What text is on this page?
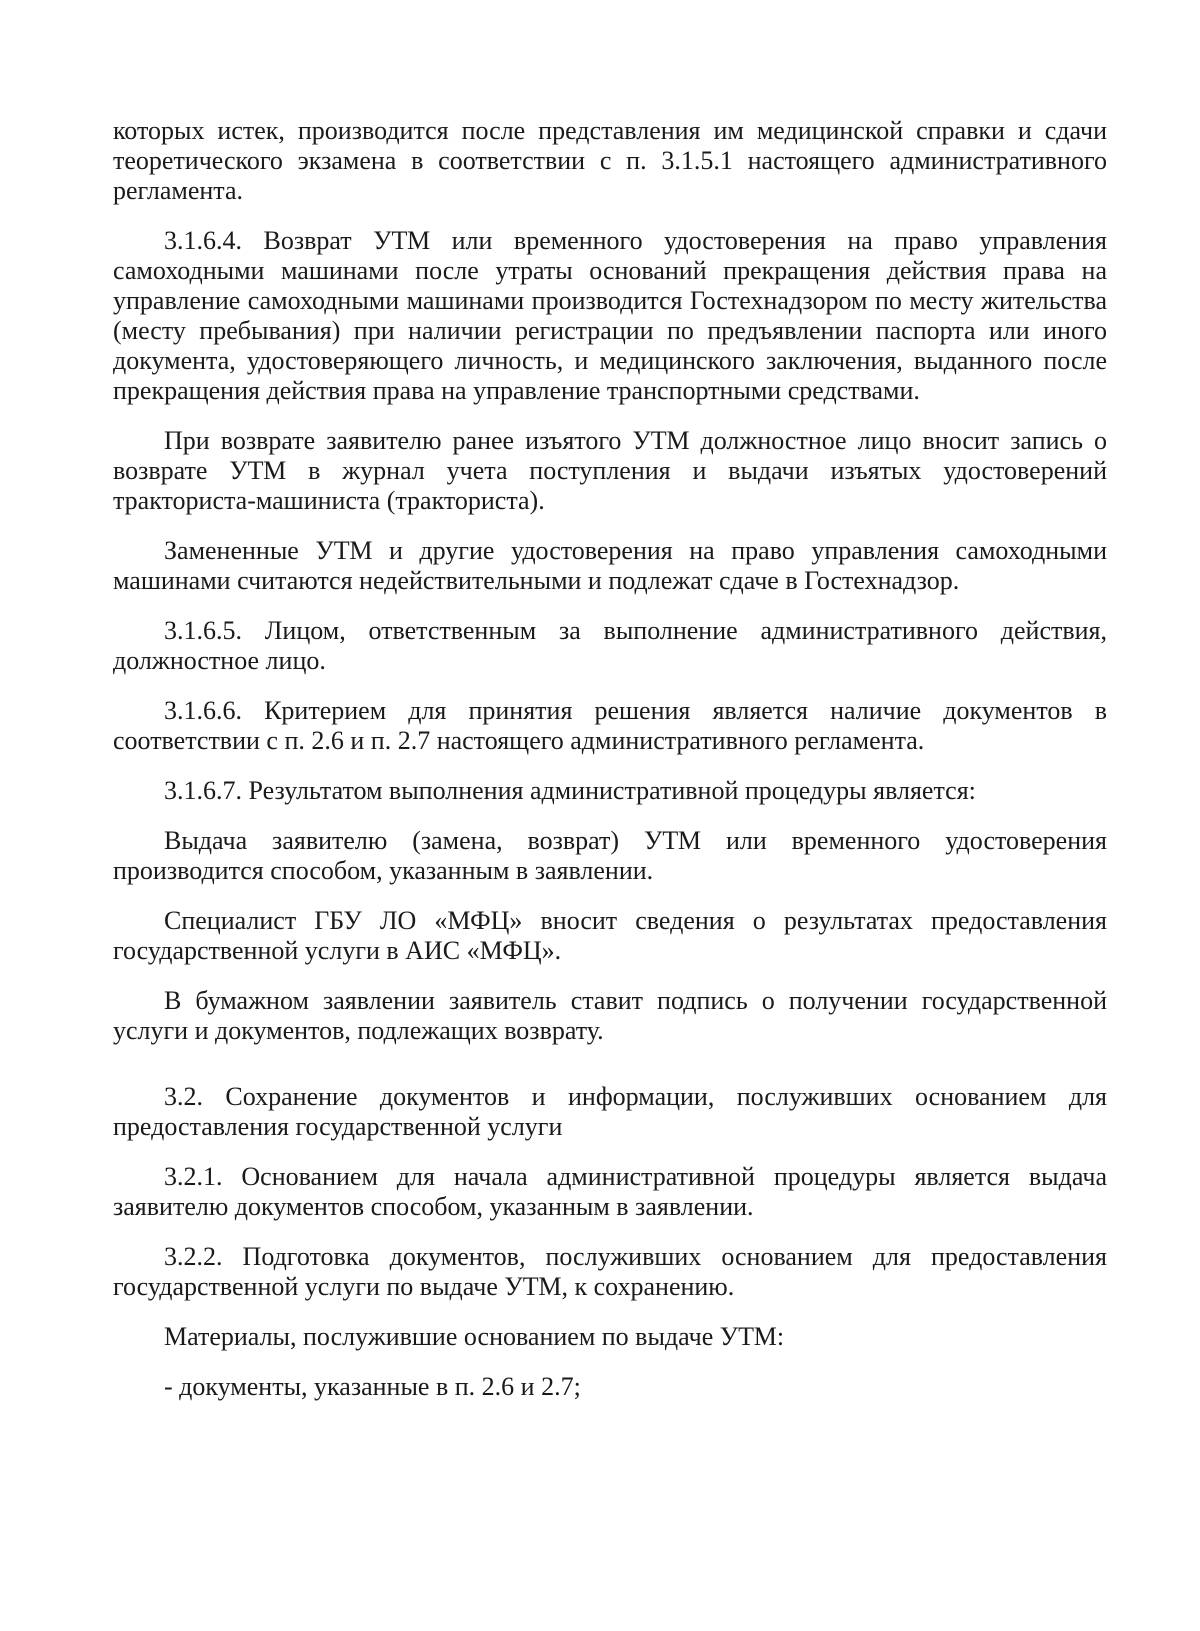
которых истек, производится после представления им медицинской справки и сдачи теоретического экзамена в соответствии с п. 3.1.5.1 настоящего административного регламента.

3.1.6.4. Возврат УТМ или временного удостоверения на право управления самоходными машинами после утраты оснований прекращения действия права на управление самоходными машинами производится Гостехнадзором по месту жительства (месту пребывания) при наличии регистрации по предъявлении паспорта или иного документа, удостоверяющего личность, и медицинского заключения, выданного после прекращения действия права на управление транспортными средствами.

При возврате заявителю ранее изъятого УТМ должностное лицо вносит запись о возврате УТМ в журнал учета поступления и выдачи изъятых удостоверений тракториста-машиниста (тракториста).

Замененные УТМ и другие удостоверения на право управления самоходными машинами считаются недействительными и подлежат сдаче в Гостехнадзор.

3.1.6.5. Лицом, ответственным за выполнение административного действия, должностное лицо.

3.1.6.6. Критерием для принятия решения является наличие документов в соответствии с п. 2.6 и п. 2.7 настоящего административного регламента.

3.1.6.7. Результатом выполнения административной процедуры является:

Выдача заявителю (замена, возврат) УТМ или временного удостоверения производится способом, указанным в заявлении.

Специалист ГБУ ЛО «МФЦ» вносит сведения о результатах предоставления государственной услуги в АИС «МФЦ».

В бумажном заявлении заявитель ставит подпись о получении государственной услуги и документов, подлежащих возврату.

3.2. Сохранение документов и информации, послуживших основанием для предоставления государственной услуги

3.2.1. Основанием для начала административной процедуры является выдача заявителю документов способом, указанным в заявлении.

3.2.2. Подготовка документов, послуживших основанием для предоставления государственной услуги по выдаче УТМ, к сохранению.

Материалы, послужившие основанием по выдаче УТМ:

- документы, указанные в п. 2.6 и 2.7;
